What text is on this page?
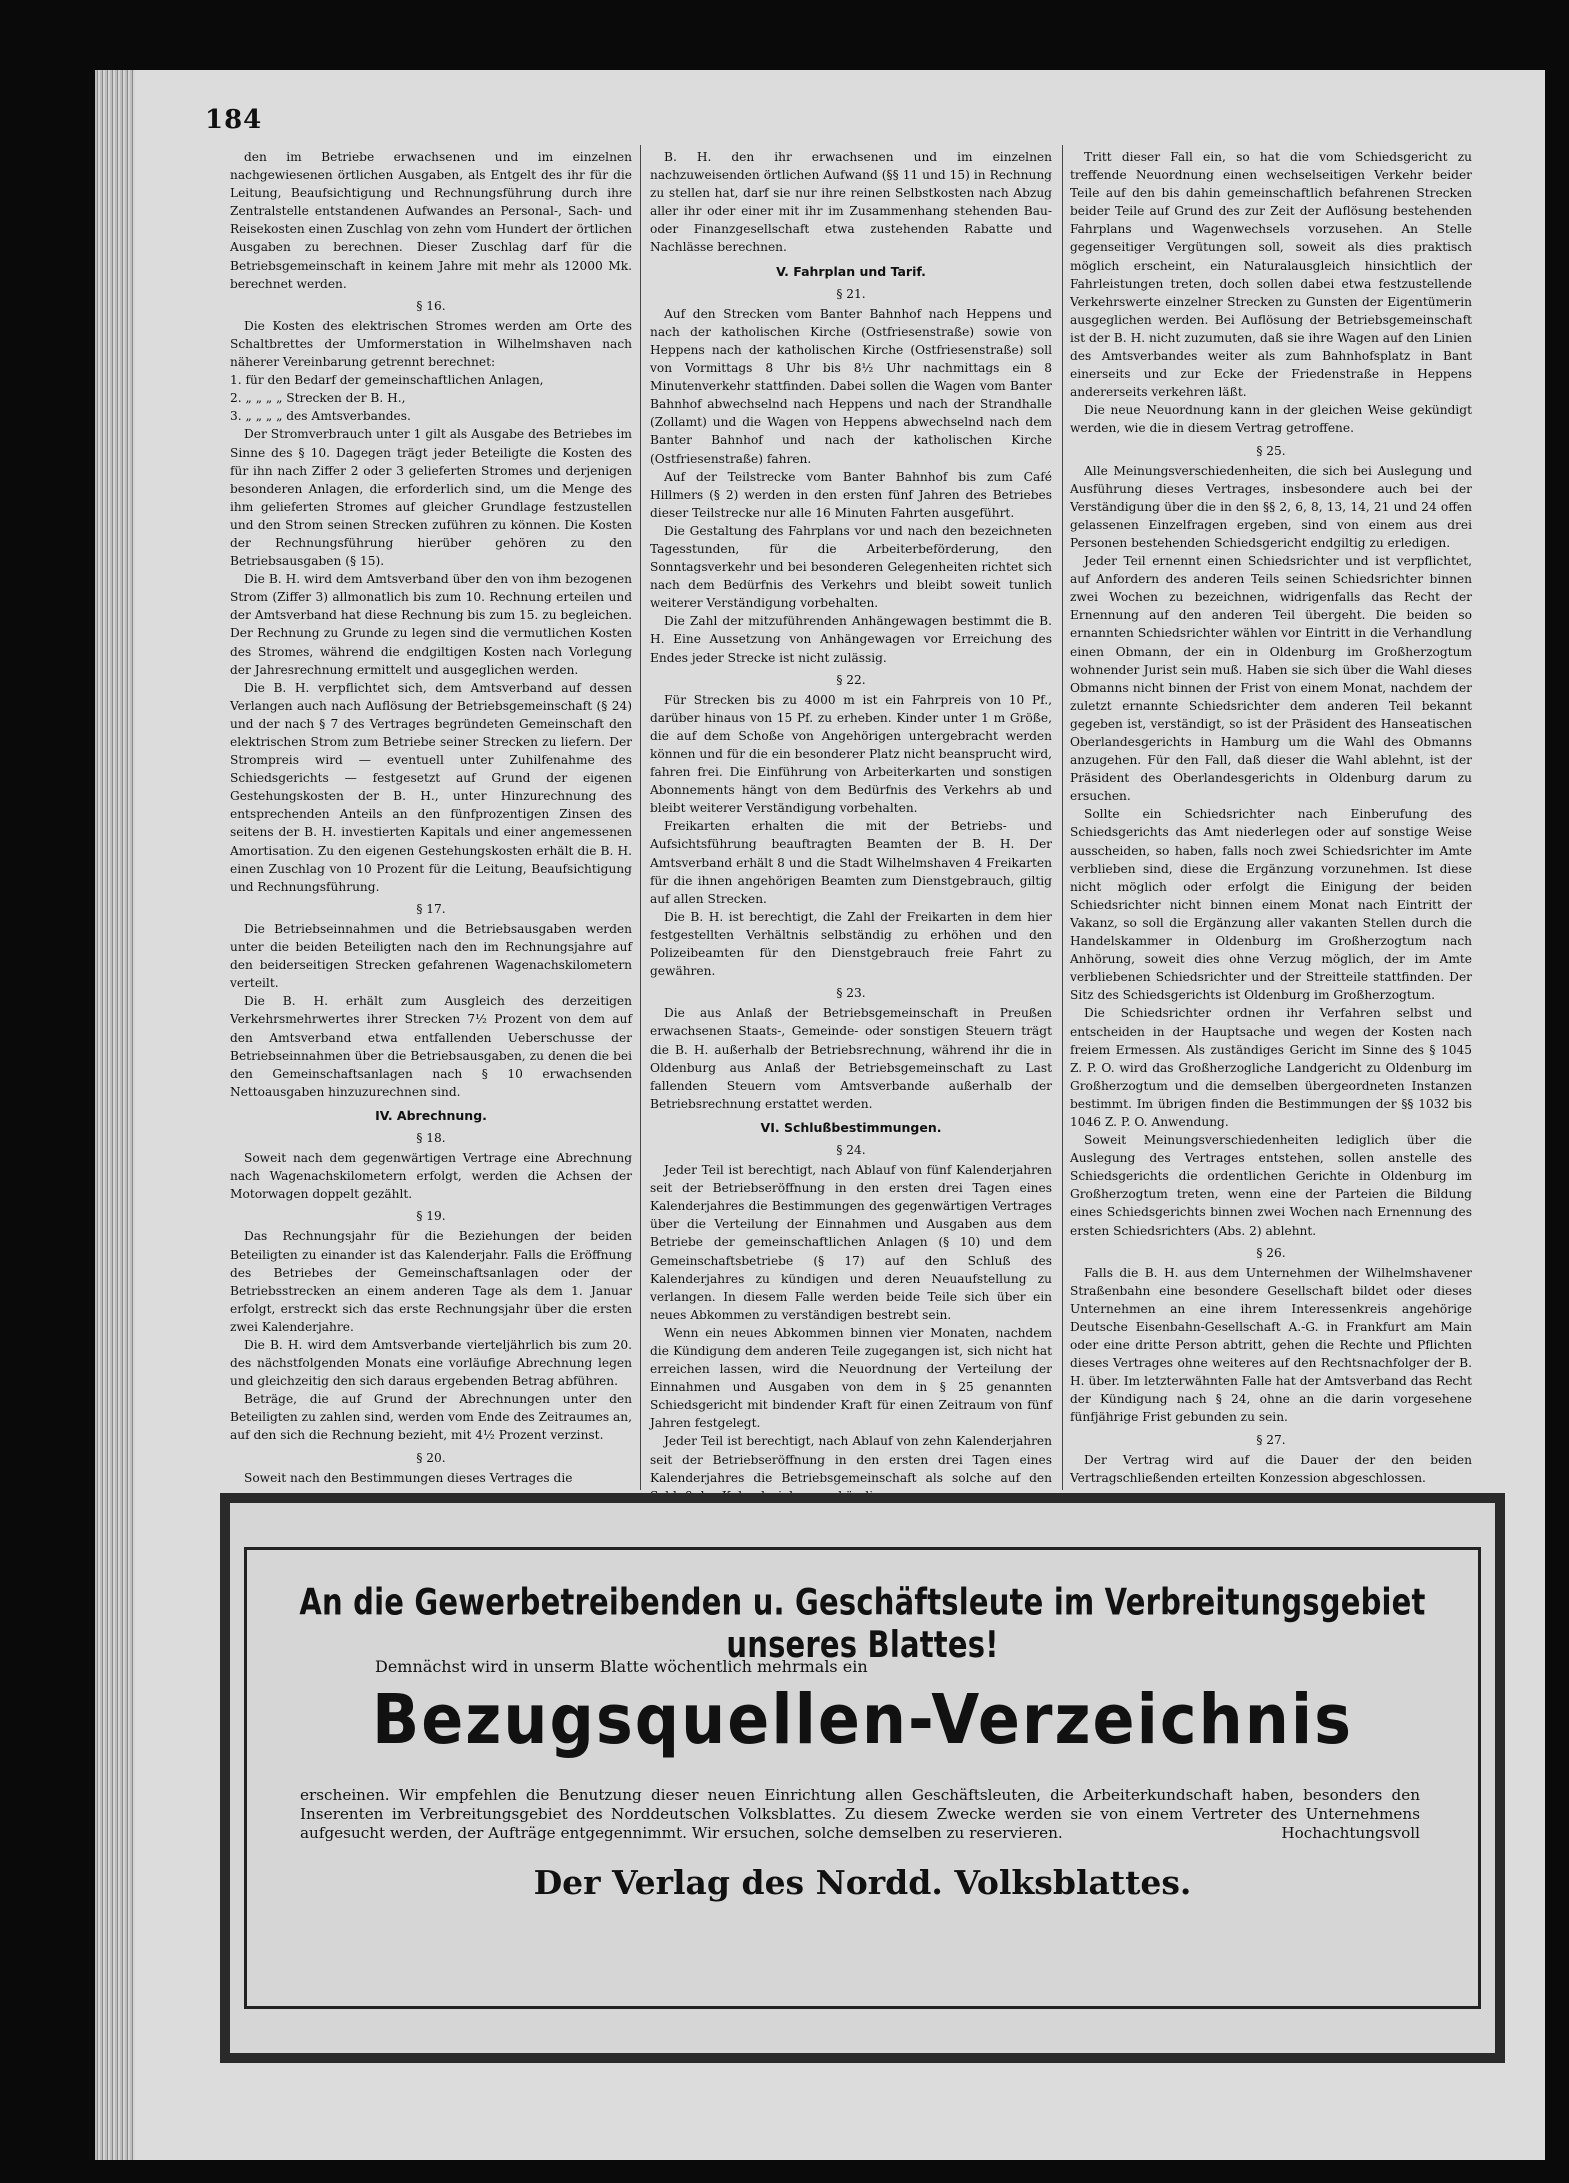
184

den im Betriebe erwachsenen und im einzelnen nachgewiesenen örtlichen Ausgaben, als Entgelt des ihr für die Leitung, Beaufsichtigung und Rechnungsführung durch ihre Zentralstelle entstandenen Aufwandes an Personal-, Sach- und Reisekosten einen Zuschlag von zehn vom Hundert der örtlichen Ausgaben zu berechnen. Dieser Zuschlag darf für die Betriebsgemeinschaft in keinem Jahre mit mehr als 12000 Mk. berechnet werden.

§ 16.

Die Kosten des elektrischen Stromes werden am Orte des Schaltbrettes der Umformerstation in Wilhelmshaven nach näherer Vereinbarung getrennt berechnet:

1. für den Bedarf der gemeinschaftlichen Anlagen,

2. „ „ „ „ Strecken der B. H.,

3. „ „ „ „ des Amtsverbandes.

Der Stromverbrauch unter 1 gilt als Ausgabe des Betriebes im Sinne des § 10. Dagegen trägt jeder Beteiligte die Kosten des für ihn nach Ziffer 2 oder 3 gelieferten Stromes und derjenigen besonderen Anlagen, die erforderlich sind, um die Menge des ihm gelieferten Stromes auf gleicher Grundlage festzustellen und den Strom seinen Strecken zuführen zu können. Die Kosten der Rechnungsführung hierüber gehören zu den Betriebsausgaben (§ 15).

Die B. H. wird dem Amtsverband über den von ihm bezogenen Strom (Ziffer 3) allmonatlich bis zum 10. Rechnung erteilen und der Amtsverband hat diese Rechnung bis zum 15. zu begleichen. Der Rechnung zu Grunde zu legen sind die vermutlichen Kosten des Stromes, während die endgiltigen Kosten nach Vorlegung der Jahresrechnung ermittelt und ausgeglichen werden.

Die B. H. verpflichtet sich, dem Amtsverband auf dessen Verlangen auch nach Auflösung der Betriebsgemeinschaft (§ 24) und der nach § 7 des Vertrages begründeten Gemeinschaft den elektrischen Strom zum Betriebe seiner Strecken zu liefern. Der Strompreis wird — eventuell unter Zuhilfenahme des Schiedsgerichts — festgesetzt auf Grund der eigenen Gestehungskosten der B. H., unter Hinzurechnung des entsprechenden Anteils an den fünfprozentigen Zinsen des seitens der B. H. investierten Kapitals und einer angemessenen Amortisation. Zu den eigenen Gestehungskosten erhält die B. H. einen Zuschlag von 10 Prozent für die Leitung, Beaufsichtigung und Rechnungsführung.

§ 17.

Die Betriebseinnahmen und die Betriebsausgaben werden unter die beiden Beteiligten nach den im Rechnungsjahre auf den beiderseitigen Strecken gefahrenen Wagenachskilometern verteilt.

Die B. H. erhält zum Ausgleich des derzeitigen Verkehrsmehrwertes ihrer Strecken 7½ Prozent von dem auf den Amtsverband etwa entfallenden Ueberschusse der Betriebseinnahmen über die Betriebsausgaben, zu denen die bei den Gemeinschaftsanlagen nach § 10 erwachsenden Nettoausgaben hinzuzurechnen sind.

IV. Abrechnung.

§ 18.

Soweit nach dem gegenwärtigen Vertrage eine Abrechnung nach Wagenachskilometern erfolgt, werden die Achsen der Motorwagen doppelt gezählt.

§ 19.

Das Rechnungsjahr für die Beziehungen der beiden Beteiligten zu einander ist das Kalenderjahr. Falls die Eröffnung des Betriebes der Gemeinschaftsanlagen oder der Betriebsstrecken an einem anderen Tage als dem 1. Januar erfolgt, erstreckt sich das erste Rechnungsjahr über die ersten zwei Kalenderjahre.

Die B. H. wird dem Amtsverbande vierteljährlich bis zum 20. des nächstfolgenden Monats eine vorläufige Abrechnung legen und gleichzeitig den sich daraus ergebenden Betrag abführen.

Beträge, die auf Grund der Abrechnungen unter den Beteiligten zu zahlen sind, werden vom Ende des Zeitraumes an, auf den sich die Rechnung bezieht, mit 4½ Prozent verzinst.

§ 20.

Soweit nach den Bestimmungen dieses Vertrages die

B. H. den ihr erwachsenen und im einzelnen nachzuweisenden örtlichen Aufwand (§§ 11 und 15) in Rechnung zu stellen hat, darf sie nur ihre reinen Selbstkosten nach Abzug aller ihr oder einer mit ihr im Zusammenhang stehenden Bau- oder Finanzgesellschaft etwa zustehenden Rabatte und Nachlässe berechnen.

V. Fahrplan und Tarif.

§ 21.

Auf den Strecken vom Banter Bahnhof nach Heppens und nach der katholischen Kirche (Ostfriesenstraße) sowie von Heppens nach der katholischen Kirche (Ostfriesenstraße) soll von Vormittags 8 Uhr bis 8½ Uhr nachmittags ein 8 Minutenverkehr stattfinden. Dabei sollen die Wagen vom Banter Bahnhof abwechselnd nach Heppens und nach der Strandhalle (Zollamt) und die Wagen von Heppens abwechselnd nach dem Banter Bahnhof und nach der katholischen Kirche (Ostfriesenstraße) fahren.

Auf der Teilstrecke vom Banter Bahnhof bis zum Café Hillmers (§ 2) werden in den ersten fünf Jahren des Betriebes dieser Teilstrecke nur alle 16 Minuten Fahrten ausgeführt.

Die Gestaltung des Fahrplans vor und nach den bezeichneten Tagesstunden, für die Arbeiterbeförderung, den Sonntagsverkehr und bei besonderen Gelegenheiten richtet sich nach dem Bedürfnis des Verkehrs und bleibt soweit tunlich weiterer Verständigung vorbehalten.

Die Zahl der mitzuführenden Anhängewagen bestimmt die B. H. Eine Aussetzung von Anhängewagen vor Erreichung des Endes jeder Strecke ist nicht zulässig.

§ 22.

Für Strecken bis zu 4000 m ist ein Fahrpreis von 10 Pf., darüber hinaus von 15 Pf. zu erheben. Kinder unter 1 m Größe, die auf dem Schoße von Angehörigen untergebracht werden können und für die ein besonderer Platz nicht beansprucht wird, fahren frei. Die Einführung von Arbeiterkarten und sonstigen Abonnements hängt von dem Bedürfnis des Verkehrs ab und bleibt weiterer Verständigung vorbehalten.

Freikarten erhalten die mit der Betriebs- und Aufsichtsführung beauftragten Beamten der B. H. Der Amtsverband erhält 8 und die Stadt Wilhelmshaven 4 Freikarten für die ihnen angehörigen Beamten zum Dienstgebrauch, giltig auf allen Strecken.

Die B. H. ist berechtigt, die Zahl der Freikarten in dem hier festgestellten Verhältnis selbständig zu erhöhen und den Polizeibeamten für den Dienstgebrauch freie Fahrt zu gewähren.

§ 23.

Die aus Anlaß der Betriebsgemeinschaft in Preußen erwachsenen Staats-, Gemeinde- oder sonstigen Steuern trägt die B. H. außerhalb der Betriebsrechnung, während ihr die in Oldenburg aus Anlaß der Betriebsgemeinschaft zu Last fallenden Steuern vom Amtsverbande außerhalb der Betriebsrechnung erstattet werden.

VI. Schlußbestimmungen.

§ 24.

Jeder Teil ist berechtigt, nach Ablauf von fünf Kalenderjahren seit der Betriebseröffnung in den ersten drei Tagen eines Kalenderjahres die Bestimmungen des gegenwärtigen Vertrages über die Verteilung der Einnahmen und Ausgaben aus dem Betriebe der gemeinschaftlichen Anlagen (§ 10) und dem Gemeinschaftsbetriebe (§ 17) auf den Schluß des Kalenderjahres zu kündigen und deren Neuaufstellung zu verlangen. In diesem Falle werden beide Teile sich über ein neues Abkommen zu verständigen bestrebt sein.

Wenn ein neues Abkommen binnen vier Monaten, nachdem die Kündigung dem anderen Teile zugegangen ist, sich nicht hat erreichen lassen, wird die Neuordnung der Verteilung der Einnahmen und Ausgaben von dem in § 25 genannten Schiedsgericht mit bindender Kraft für einen Zeitraum von fünf Jahren festgelegt.

Jeder Teil ist berechtigt, nach Ablauf von zehn Kalenderjahren seit der Betriebseröffnung in den ersten drei Tagen eines Kalenderjahres die Betriebsgemeinschaft als solche auf den

Tritt dieser Fall ein, so hat die vom Schiedsgericht zu treffende Neuordnung einen wechselseitigen Verkehr beider Teile auf den bis dahin gemeinschaftlich befahrenen Strecken beider Teile auf Grund des zur Zeit der Auflösung bestehenden Fahrplans und Wagenwechsels vorzusehen. An Stelle gegenseitiger Vergütungen soll, soweit als dies praktisch möglich erscheint, ein Naturalausgleich hinsichtlich der Fahrleistungen treten, doch sollen dabei etwa festzustellende Verkehrswerte einzelner Strecken zu Gunsten der Eigentümerin ausgeglichen werden. Bei Auflösung der Betriebsgemeinschaft ist der B. H. nicht zuzumuten, daß sie ihre Wagen auf den Linien des Amtsverbandes weiter als zum Bahnhofsplatz in Bant einerseits und zur Ecke der Friedenstraße in Heppens andererseits verkehren läßt.

Die neue Neuordnung kann in der gleichen Weise gekündigt werden, wie die in diesem Vertrag getroffene.

§ 25.

Alle Meinungsverschiedenheiten, die sich bei Auslegung und Ausführung dieses Vertrages, insbesondere auch bei der Verständigung über die in den §§ 2, 6, 8, 13, 14, 21 und 24 offen gelassenen Einzelfragen ergeben, sind von einem aus drei Personen bestehenden Schiedsgericht endgiltig zu erledigen.

Jeder Teil ernennt einen Schiedsrichter und ist verpflichtet, auf Anfordern des anderen Teils seinen Schiedsrichter binnen zwei Wochen zu bezeichnen, widrigenfalls das Recht der Ernennung auf den anderen Teil übergeht. Die beiden so ernannten Schiedsrichter wählen vor Eintritt in die Verhandlung einen Obmann, der ein in Oldenburg im Großherzogtum wohnender Jurist sein muß. Haben sie sich über die Wahl dieses Obmanns nicht binnen der Frist von einem Monat, nachdem der zuletzt ernannte Schiedsrichter dem anderen Teil bekannt gegeben ist, verständigt, so ist der Präsident des Hanseatischen Oberlandesgerichts in Hamburg um die Wahl des Obmanns anzugehen. Für den Fall, daß dieser die Wahl ablehnt, ist der Präsident des Oberlandesgerichts in Oldenburg darum zu ersuchen.

Sollte ein Schiedsrichter nach Einberufung des Schiedsgerichts das Amt niederlegen oder auf sonstige Weise ausscheiden, so haben, falls noch zwei Schiedsrichter im Amte verblieben sind, diese die Ergänzung vorzunehmen. Ist diese nicht möglich oder erfolgt die Einigung der beiden Schiedsrichter nicht binnen einem Monat nach Eintritt der Vakanz, so soll die Ergänzung aller vakanten Stellen durch die Handelskammer in Oldenburg im Großherzogtum nach Anhörung, soweit dies ohne Verzug möglich, der im Amte verbliebenen Schiedsrichter und der Streitteile stattfinden. Der Sitz des Schiedsgerichts ist Oldenburg im Großherzogtum.

Die Schiedsrichter ordnen ihr Verfahren selbst und entscheiden in der Hauptsache und wegen der Kosten nach freiem Ermessen. Als zuständiges Gericht im Sinne des § 1045 Z. P. O. wird das Großherzogliche Landgericht zu Oldenburg im Großherzogtum und die demselben übergeordneten Instanzen bestimmt. Im übrigen finden die Bestimmungen der §§ 1032 bis 1046 Z. P. O. Anwendung.

Soweit Meinungsverschiedenheiten lediglich über die Auslegung des Vertrages entstehen, sollen anstelle des Schiedsgerichts die ordentlichen Gerichte in Oldenburg im Großherzogtum treten, wenn eine der Parteien die Bildung eines Schiedsgerichts binnen zwei Wochen nach Ernennung des ersten Schiedsrichters (Abs. 2) ablehnt.

§ 26.

Falls die B. H. aus dem Unternehmen der Wilhelmshavener Straßenbahn eine besondere Gesellschaft bildet oder dieses Unternehmen an eine ihrem Interessenkreis angehörige Deutsche Eisenbahn-Gesellschaft A.-G. in Frankfurt am Main oder eine dritte Person abtritt, gehen die Rechte und Pflichten dieses Vertrages ohne weiteres auf den Rechtsnachfolger der B. H. über. Im letzterwähnten Falle hat der Amtsverband das Recht der Kündigung nach § 24, ohne an die darin vorgesehene fünfjährige Frist gebunden zu sein.

§ 27.

Der Vertrag wird auf die Dauer der den beiden Vertragschließenden erteilten Konzession abgeschlossen.

An die Gewerbetreibenden u. Geschäftsleute im Verbreitungsgebiet unseres Blattes!
Demnächst wird in unserm Blatte wöchentlich mehrmals ein
Bezugsquellen-Verzeichnis
erscheinen. Wir empfehlen die Benutzung dieser neuen Einrichtung allen Geschäftsleuten, die Arbeiterkundschaft haben, besonders den Inserenten im Verbreitungsgebiet des Norddeutschen Volksblattes. Zu diesem Zwecke werden sie von einem Vertreter des Unternehmens aufgesucht werden, der Aufträge entgegennimmt. Wir ersuchen, solche demselben zu reservieren.	Hochachtungsvoll
Der Verlag des Nordd. Volksblattes.
